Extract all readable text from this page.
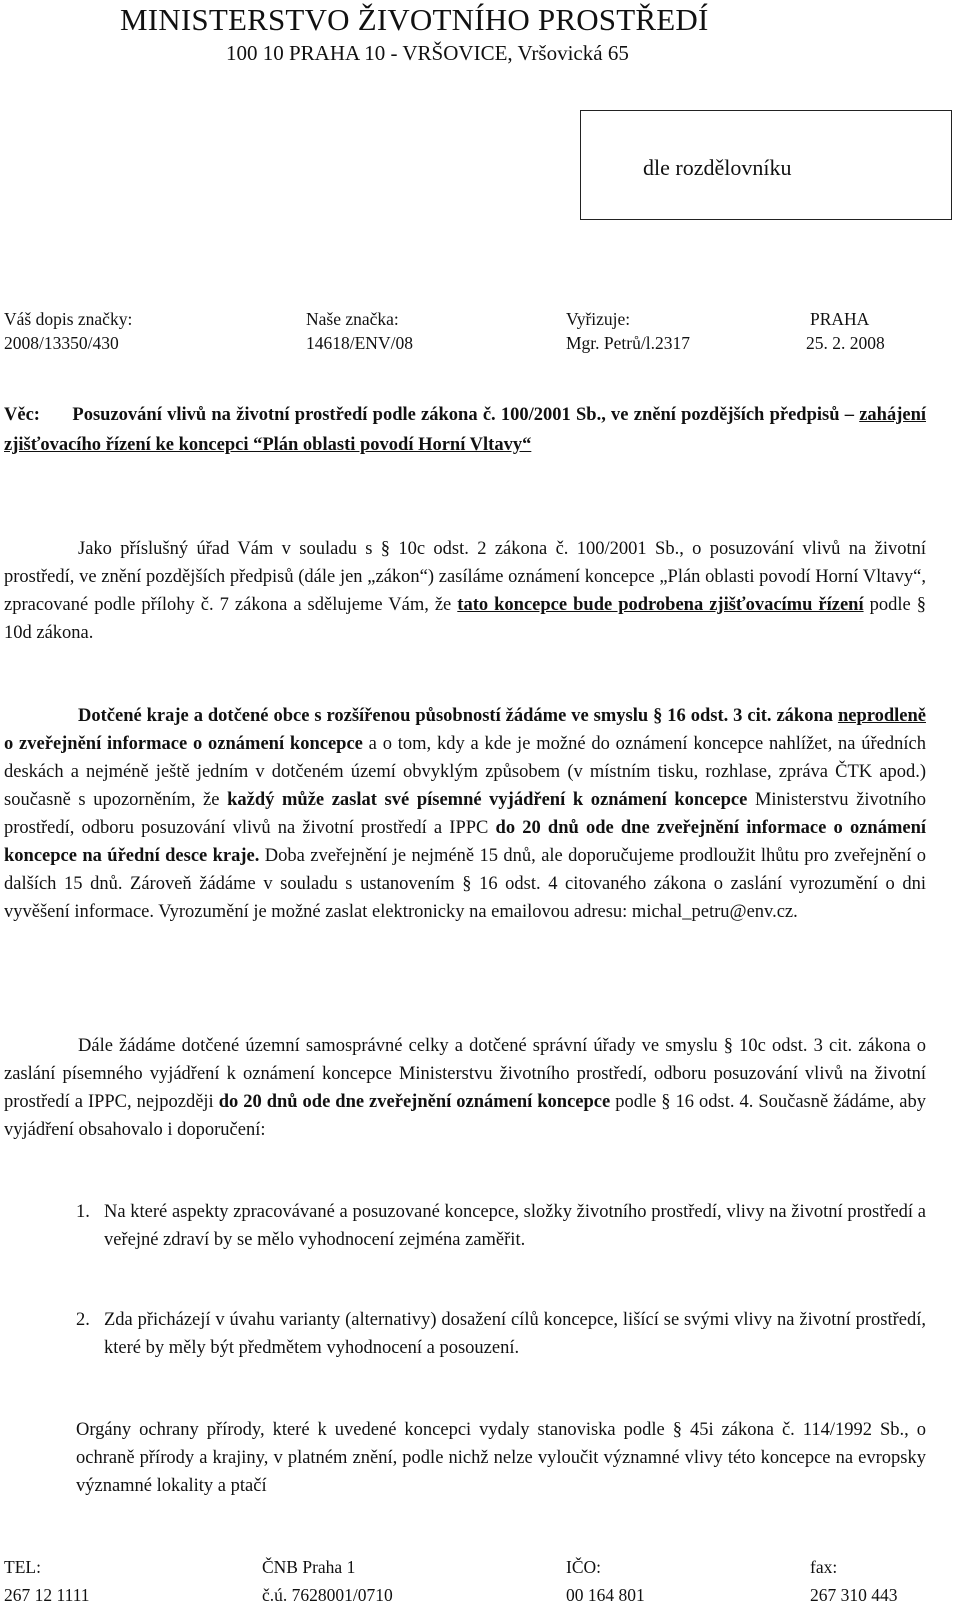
MINISTERSTVO ŽIVOTNÍHO PROSTŘEDÍ
100 10 PRAHA 10 - VRŠOVICE, Vršovická 65
dle rozdělovníku
Váš dopis značky:
2008/13350/430
Naše značka:
14618/ENV/08
Vyřizuje:
Mgr. Petrů/l.2317
PRAHA
25. 2. 2008

Věc: Posuzování vlivů na životní prostředí podle zákona č. 100/2001 Sb., ve znění pozdějších předpisů – zahájení zjišťovacího řízení ke koncepci “Plán oblasti povodí Horní Vltavy“

Jako příslušný úřad Vám v souladu s § 10c odst. 2 zákona č. 100/2001 Sb., o posuzování vlivů na životní prostředí, ve znění pozdějších předpisů (dále jen „zákon“) zasíláme oznámení koncepce „Plán oblasti povodí Horní Vltavy“, zpracované podle přílohy č. 7 zákona a sdělujeme Vám, že tato koncepce bude podrobena zjišťovacímu řízení podle § 10d zákona.

Dotčené kraje a dotčené obce s rozšířenou působností žádáme ve smyslu § 16 odst. 3 cit. zákona neprodleně o zveřejnění informace o oznámení koncepce a o tom, kdy a kde je možné do oznámení koncepce nahlížet, na úředních deskách a nejméně ještě jedním v dotčeném území obvyklým způsobem (v místním tisku, rozhlase, zpráva ČTK apod.) současně s upozorněním, že každý může zaslat své písemné vyjádření k oznámení koncepce Ministerstvu životního prostředí, odboru posuzování vlivů na životní prostředí a IPPC do 20 dnů ode dne zveřejnění informace o oznámení koncepce na úřední desce kraje. Doba zveřejnění je nejméně 15 dnů, ale doporučujeme prodloužit lhůtu pro zveřejnění o dalších 15 dnů. Zároveň žádáme v souladu s ustanovením § 16 odst. 4 citovaného zákona o zaslání vyrozumění o dni vyvěšení informace. Vyrozumění je možné zaslat elektronicky na emailovou adresu: michal_petru@env.cz.

Dále žádáme dotčené územní samosprávné celky a dotčené správní úřady ve smyslu § 10c odst. 3 cit. zákona o zaslání písemného vyjádření k oznámení koncepce Ministerstvu životního prostředí, odboru posuzování vlivů na životní prostředí a IPPC, nejpozději do 20 dnů ode dne zveřejnění oznámení koncepce podle § 16 odst. 4. Současně žádáme, aby vyjádření obsahovalo i doporučení:

1. Na které aspekty zpracovávané a posuzované koncepce, složky životního prostředí, vlivy na životní prostředí a veřejné zdraví by se mělo vyhodnocení zejména zaměřit.
2. Zda přicházejí v úvahu varianty (alternativy) dosažení cílů koncepce, lišící se svými vlivy na životní prostředí, které by měly být předmětem vyhodnocení a posouzení.

Orgány ochrany přírody, které k uvedené koncepci vydaly stanoviska podle § 45i zákona č. 114/1992 Sb., o ochraně přírody a krajiny, v platném znění, podle nichž nelze vyloučit významné vlivy této koncepce na evropsky významné lokality a ptačí

TEL:
267 12 1111
ČNB Praha 1
č.ú. 7628001/0710
IČO:
00 164 801
fax:
267 310 443
